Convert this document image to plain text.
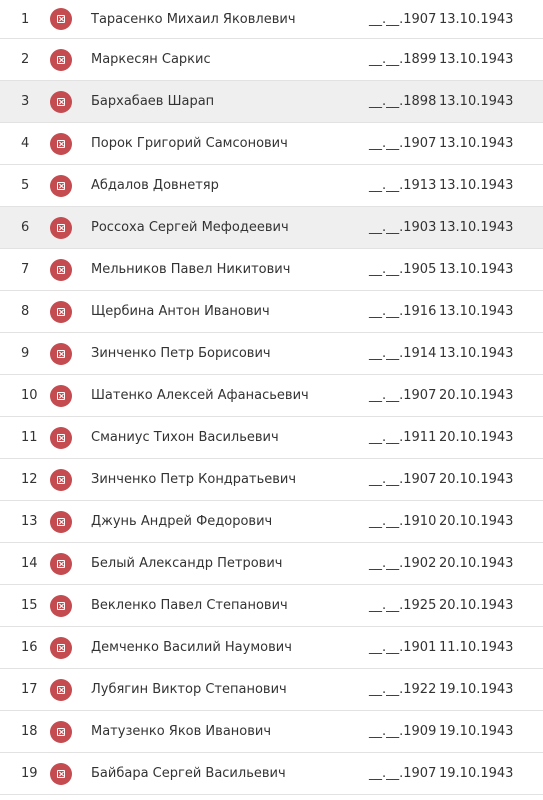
1	Тарасенко Михаил Яковлевич	__.__.1907 13.10.1943
2	Маркесян Саркис	__.__.1899 13.10.1943
3	Бархабаев Шарап	__.__.1898 13.10.1943
4	Порок Григорий Самсонович	__.__.1907 13.10.1943
5	Абдалов Довнетяр	__.__.1913 13.10.1943
6	Россоха Сергей Мефодеевич	__.__.1903 13.10.1943
7	Мельников Павел Никитович	__.__.1905 13.10.1943
8	Щербина Антон Иванович	__.__.1916 13.10.1943
9	Зинченко Петр Борисович	__.__.1914 13.10.1943
10	Шатенко Алексей Афанасьевич	__.__.1907 20.10.1943
11	Сманиус Тихон Васильевич	__.__.1911 20.10.1943
12	Зинченко Петр Кондратьевич	__.__.1907 20.10.1943
13	Джунь Андрей Федорович	__.__.1910 20.10.1943
14	Белый Александр Петрович	__.__.1902 20.10.1943
15	Векленко Павел Степанович	__.__.1925 20.10.1943
16	Демченко Василий Наумович	__.__.1901 11.10.1943
17	Лубягин Виктор Степанович	__.__.1922 19.10.1943
18	Матузенко Яков Иванович	__.__.1909 19.10.1943
19	Байбара Сергей Васильевич	__.__.1907 19.10.1943
